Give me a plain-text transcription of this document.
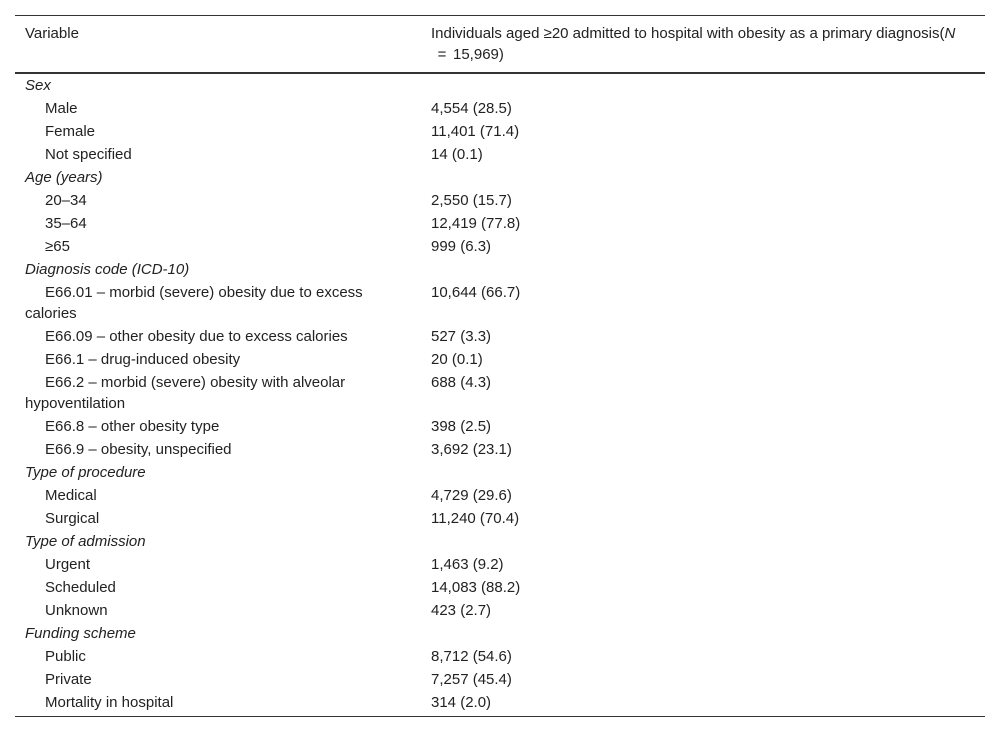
Variable	Individuals aged ≥20 admitted to hospital with obesity as a primary diagnosis(N= 15,969)
Sex	
Male	4,554 (28.5)
Female	11,401 (71.4)
Not specified	14 (0.1)
Age (years)	
20–34	2,550 (15.7)
35–64	12,419 (77.8)
≥65	999 (6.3)
Diagnosis code (ICD-10)	
E66.01 – morbid (severe) obesity due to excess calories	10,644 (66.7)
E66.09 – other obesity due to excess calories	527 (3.3)
E66.1 – drug-induced obesity	20 (0.1)
E66.2 – morbid (severe) obesity with alveolar hypoventilation	688 (4.3)
E66.8 – other obesity type	398 (2.5)
E66.9 – obesity, unspecified	3,692 (23.1)
Type of procedure	
Medical	4,729 (29.6)
Surgical	11,240 (70.4)
Type of admission	
Urgent	1,463 (9.2)
Scheduled	14,083 (88.2)
Unknown	423 (2.7)
Funding scheme	
Public	8,712 (54.6)
Private	7,257 (45.4)
Mortality in hospital	314 (2.0)
